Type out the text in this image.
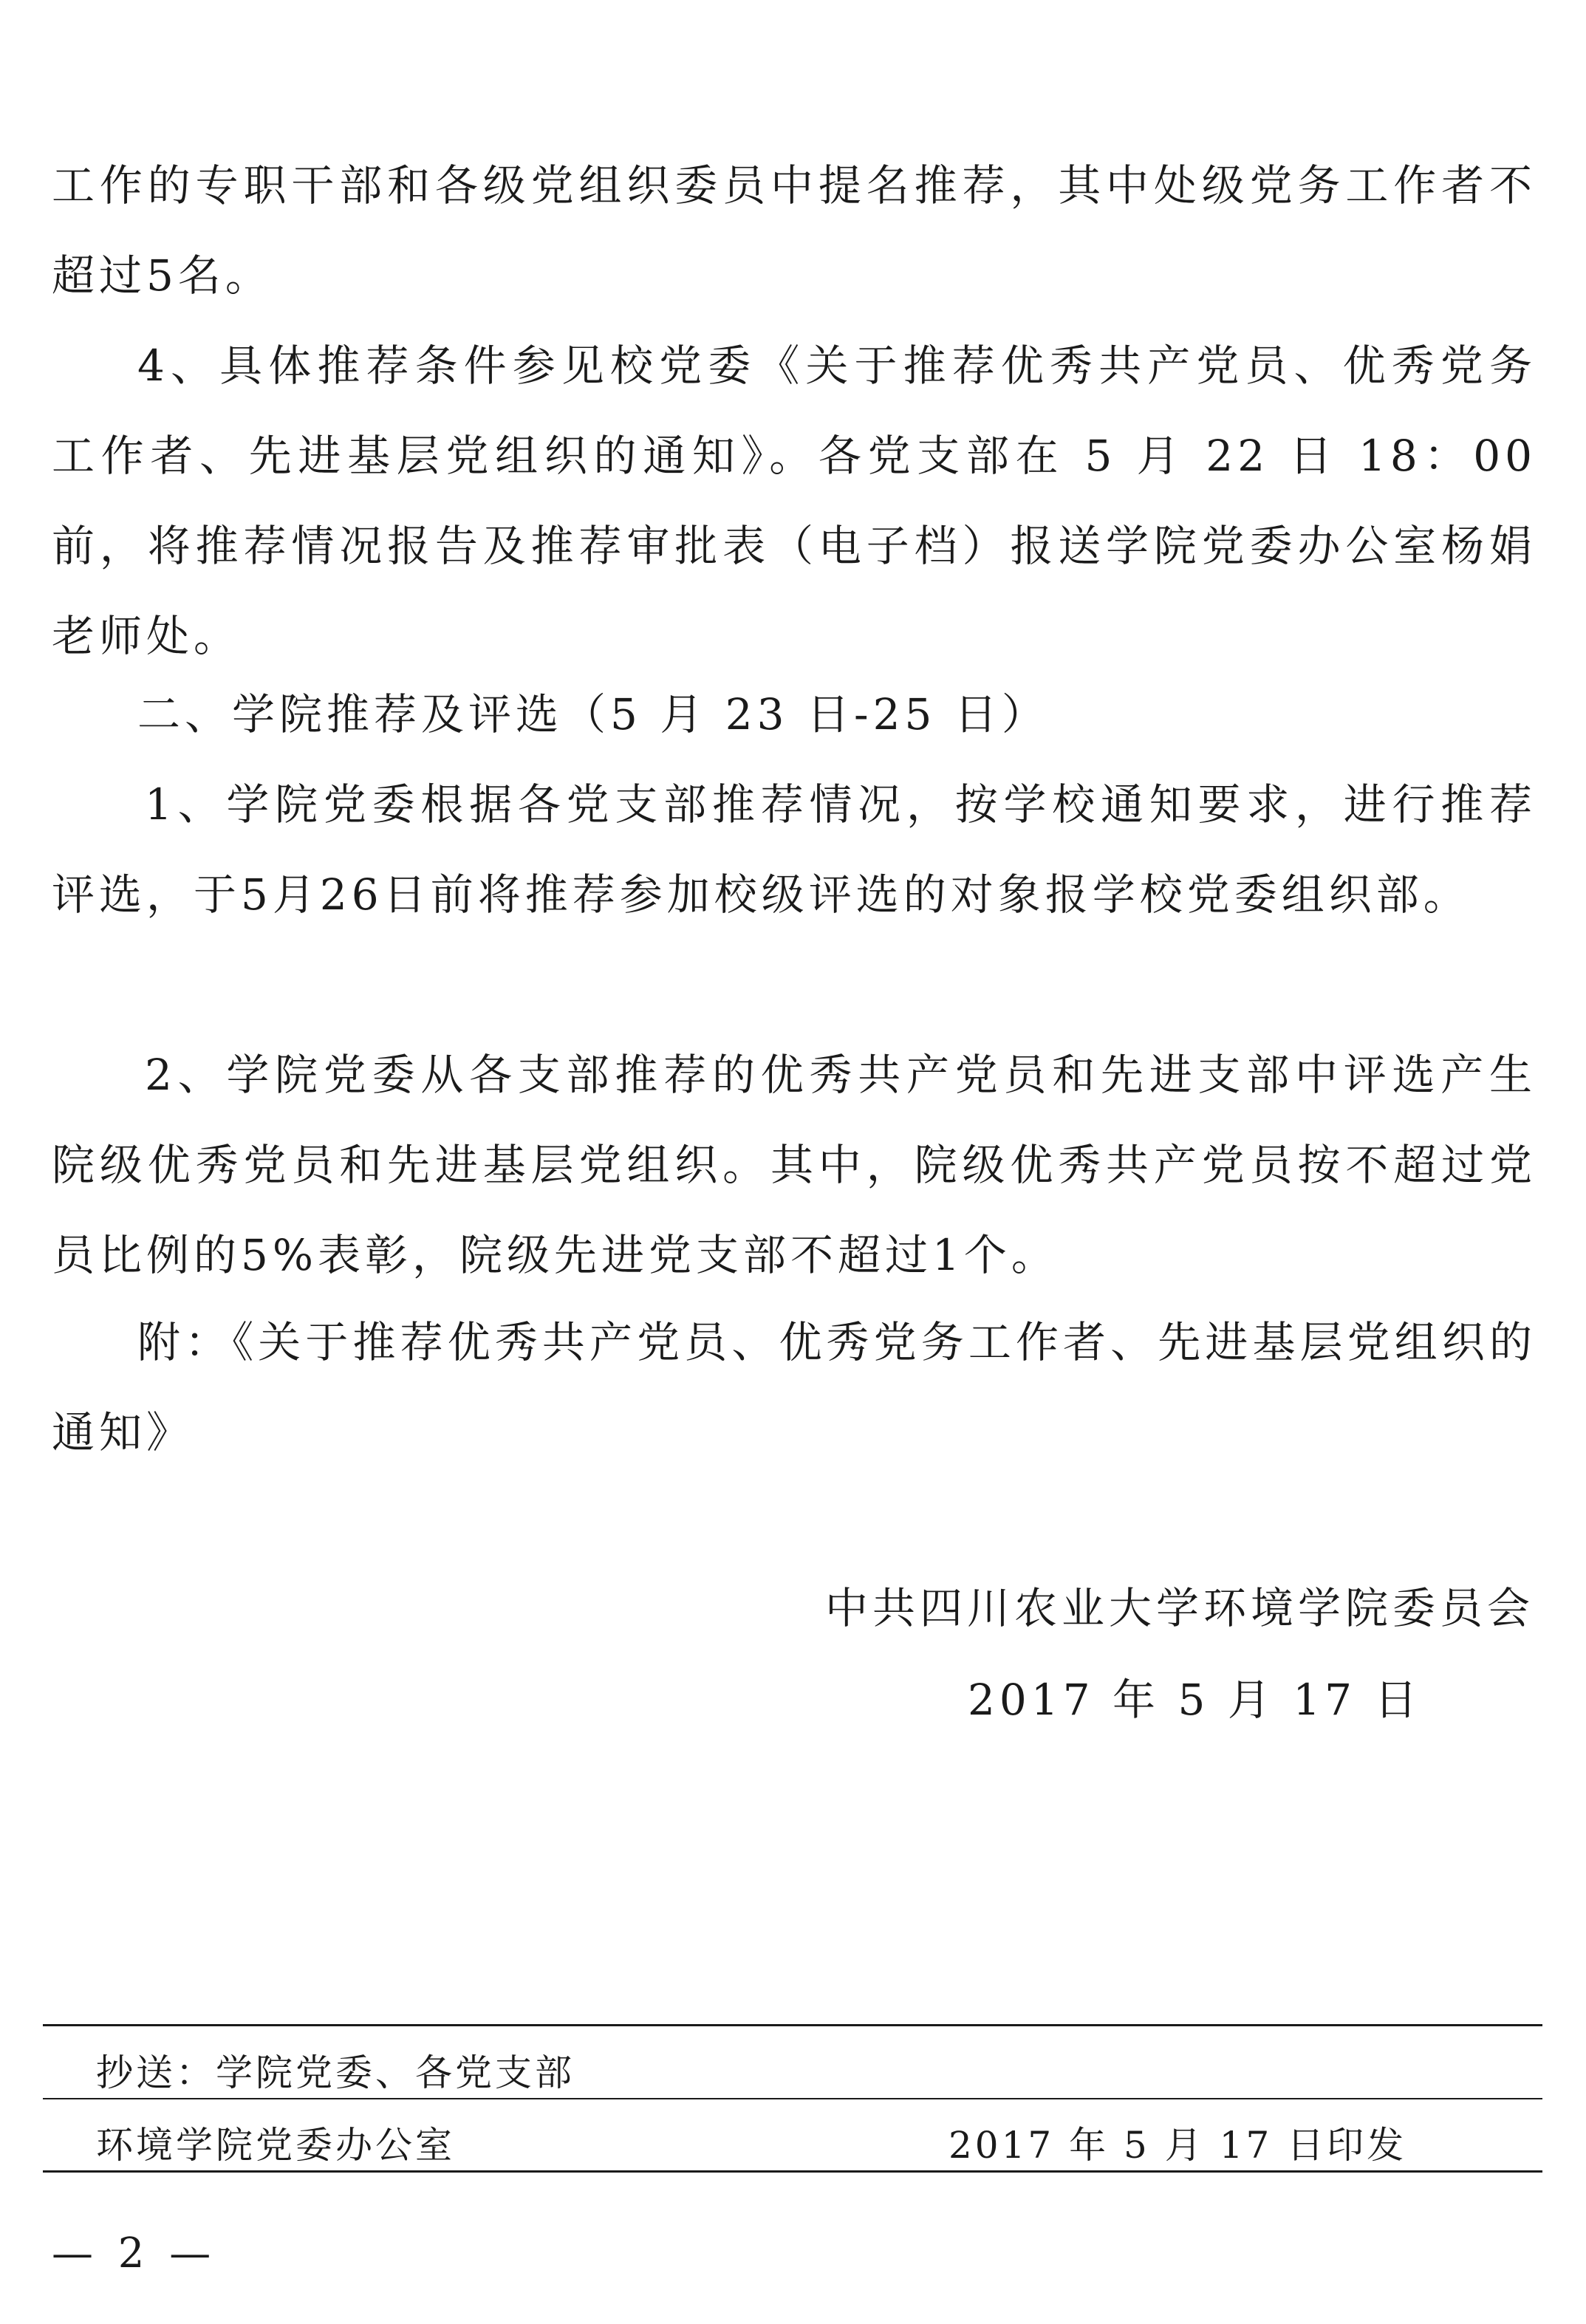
工作的专职干部和各级党组织委员中提名推荐，其中处级党务工作者不超过5名。

4、具体推荐条件参见校党委《关于推荐优秀共产党员、优秀党务工作者、先进基层党组织的通知》。各党支部在 5 月 22 日 18：00前，将推荐情况报告及推荐审批表（电子档）报送学院党委办公室杨娟老师处。

二、学院推荐及评选（5 月 23 日-25 日）

1、学院党委根据各党支部推荐情况，按学校通知要求，进行推荐评选，于5月26日前将推荐参加校级评选的对象报学校党委组织部。

2、学院党委从各支部推荐的优秀共产党员和先进支部中评选产生院级优秀党员和先进基层党组织。其中，院级优秀共产党员按不超过党员比例的5%表彰，院级先进党支部不超过1个。

附：《关于推荐优秀共产党员、优秀党务工作者、先进基层党组织的通知》

中共四川农业大学环境学院委员会
2017 年 5 月 17 日
抄送：学院党委、各党支部
环境学院党委办公室	2017 年 5 月 17 日印发
— 2 —
